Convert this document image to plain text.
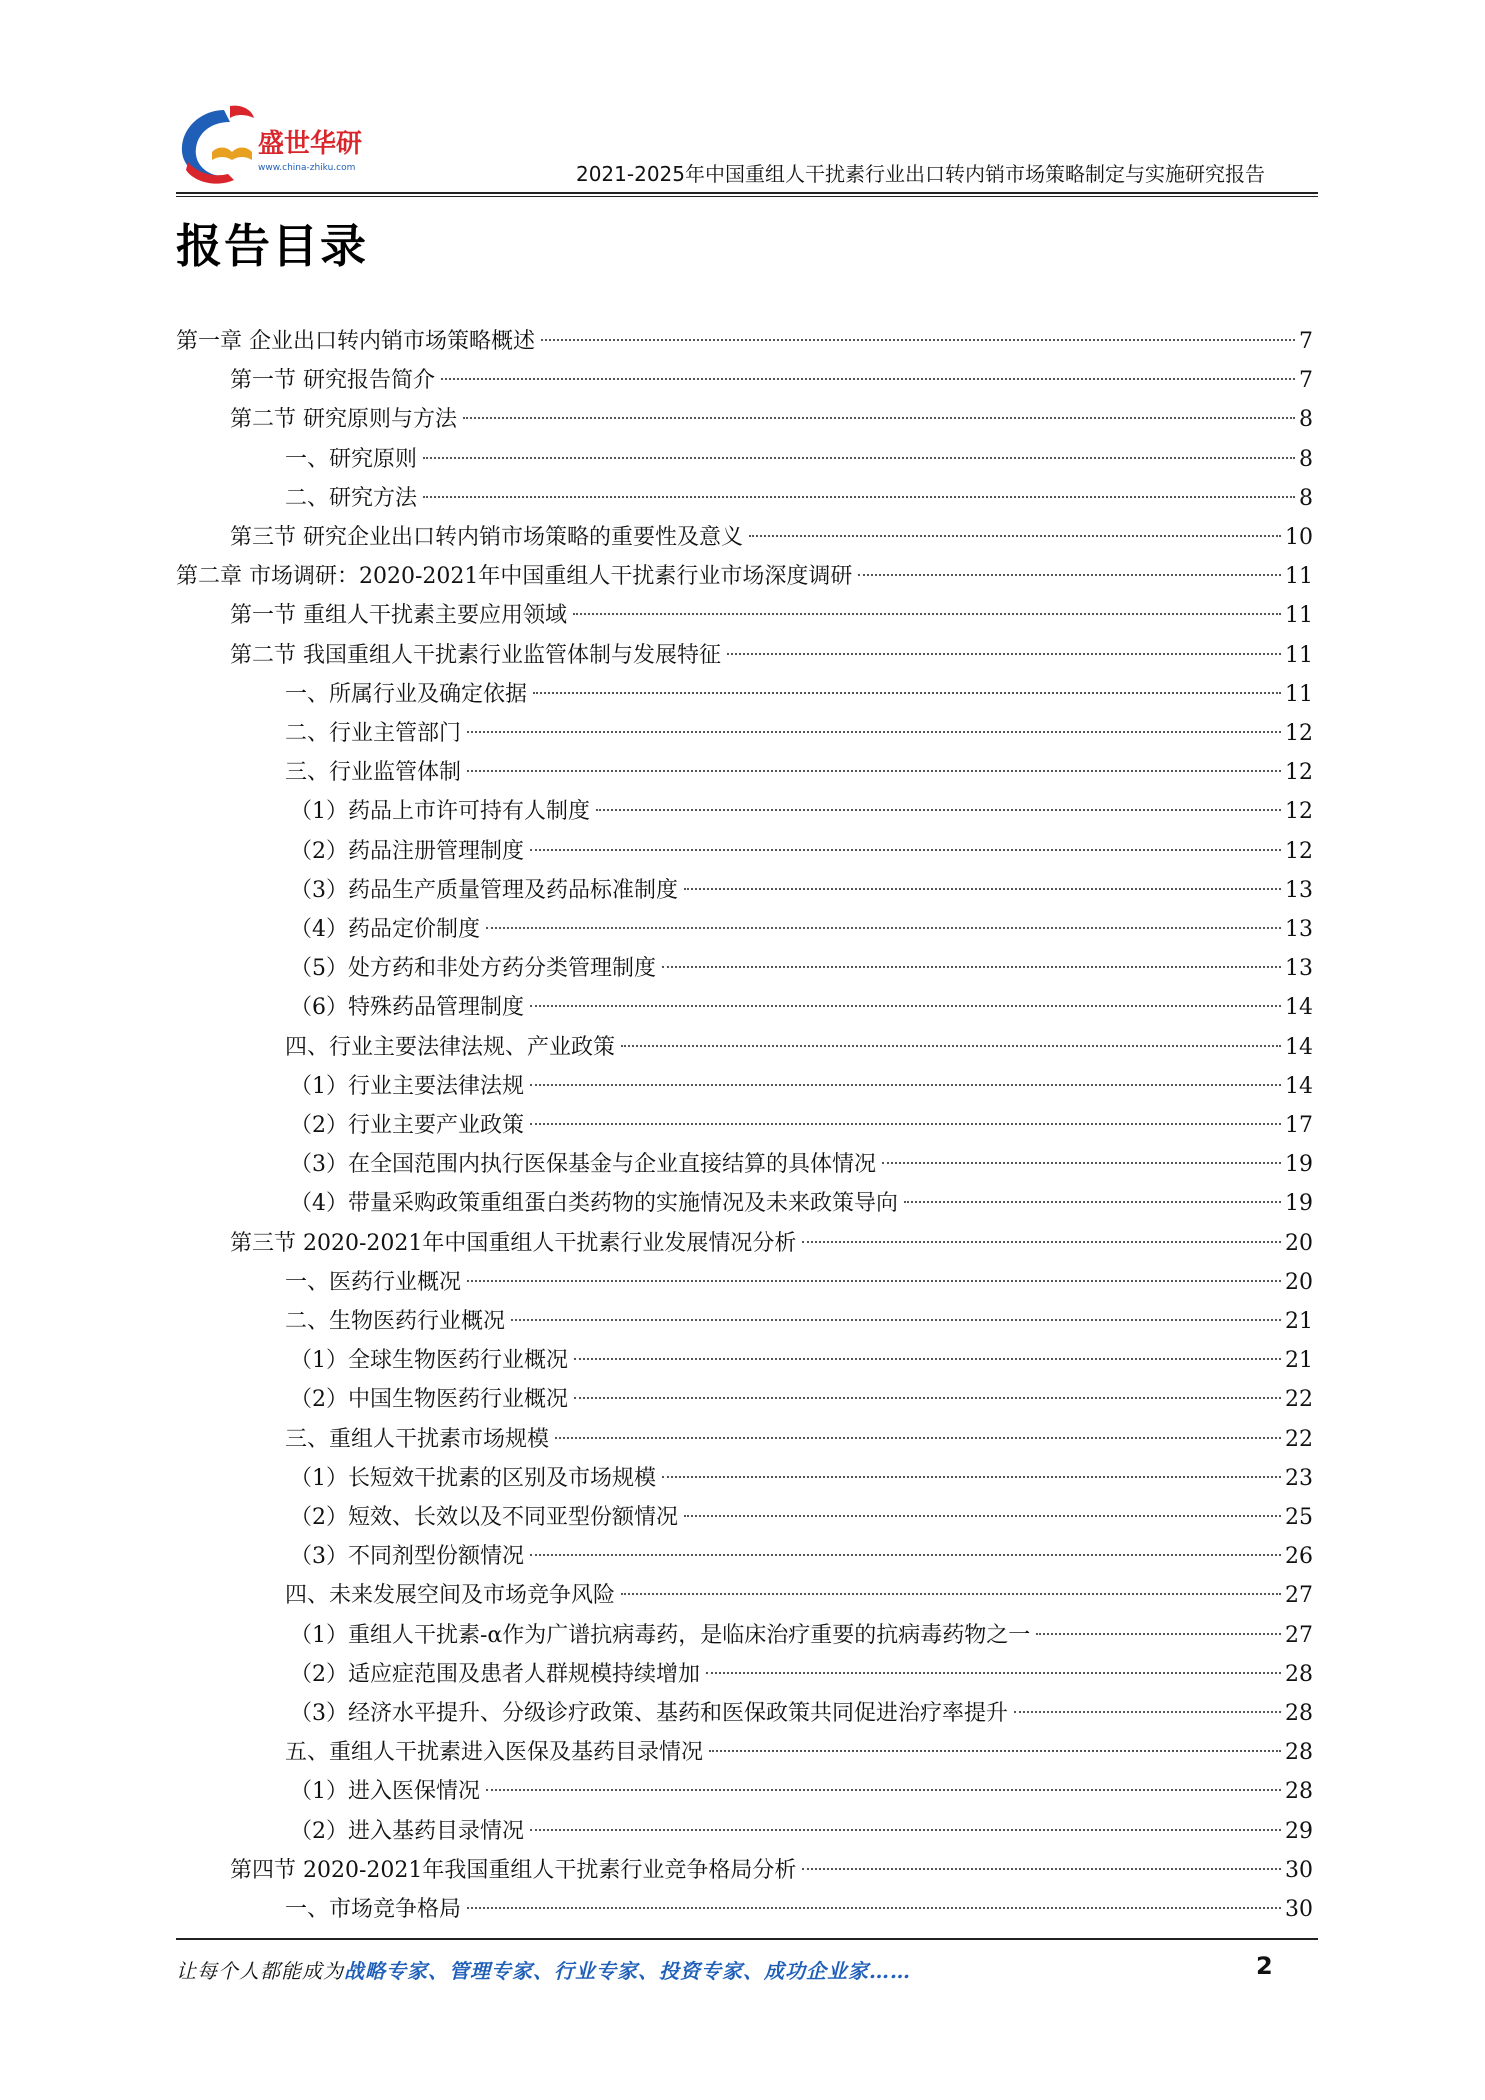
盛世华研
www.china-zhiku.com	2021-2025年中国重组人干扰素行业出口转内销市场策略制定与实施研究报告
报告目录
第一章 企业出口转内销市场策略概述	7
第一节 研究报告简介	7
第二节 研究原则与方法	8
一、研究原则	8
二、研究方法	8
第三节 研究企业出口转内销市场策略的重要性及意义	10
第二章 市场调研：2020-2021年中国重组人干扰素行业市场深度调研	11
第一节 重组人干扰素主要应用领域	11
第二节 我国重组人干扰素行业监管体制与发展特征	11
一、所属行业及确定依据	11
二、行业主管部门	12
三、行业监管体制	12
（1）药品上市许可持有人制度	12
（2）药品注册管理制度	12
（3）药品生产质量管理及药品标准制度	13
（4）药品定价制度	13
（5）处方药和非处方药分类管理制度	13
（6）特殊药品管理制度	14
四、行业主要法律法规、产业政策	14
（1）行业主要法律法规	14
（2）行业主要产业政策	17
（3）在全国范围内执行医保基金与企业直接结算的具体情况	19
（4）带量采购政策重组蛋白类药物的实施情况及未来政策导向	19
第三节 2020-2021年中国重组人干扰素行业发展情况分析	20
一、医药行业概况	20
二、生物医药行业概况	21
（1）全球生物医药行业概况	21
（2）中国生物医药行业概况	22
三、重组人干扰素市场规模	22
（1）长短效干扰素的区别及市场规模	23
（2）短效、长效以及不同亚型份额情况	25
（3）不同剂型份额情况	26
四、未来发展空间及市场竞争风险	27
（1）重组人干扰素-α作为广谱抗病毒药，是临床治疗重要的抗病毒药物之一	27
（2）适应症范围及患者人群规模持续增加	28
（3）经济水平提升、分级诊疗政策、基药和医保政策共同促进治疗率提升	28
五、重组人干扰素进入医保及基药目录情况	28
（1）进入医保情况	28
（2）进入基药目录情况	29
第四节 2020-2021年我国重组人干扰素行业竞争格局分析	30
一、市场竞争格局	30
让每个人都能成为战略专家、管理专家、行业专家、投资专家、成功企业家……	2
